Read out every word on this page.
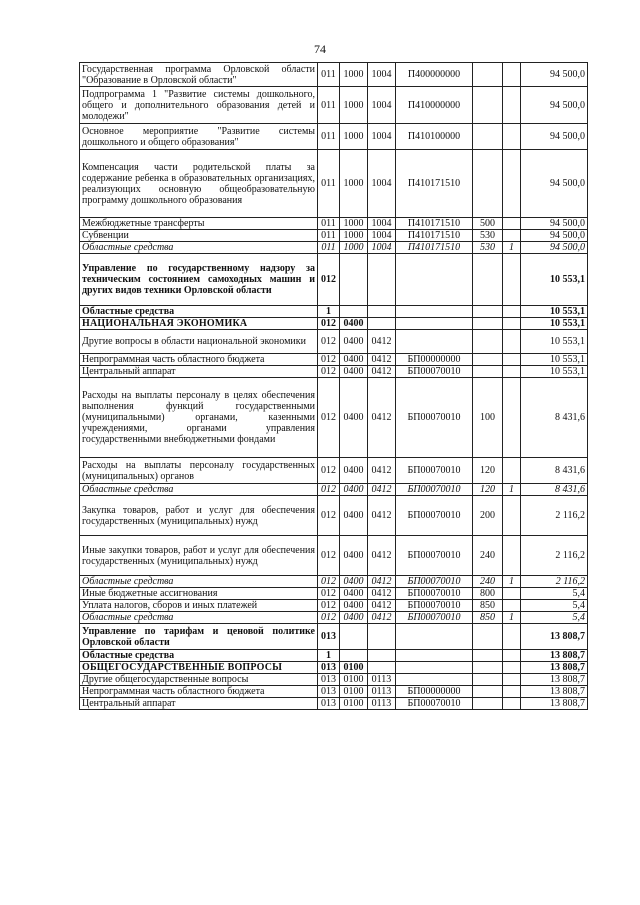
74
Государственная программа Орловской области "Образование в Орловской области"	011	1000	1004	П400000000			94 500,0
Подпрограмма 1 "Развитие системы дошкольного, общего и дополнительного образования детей и молодежи"	011	1000	1004	П410000000			94 500,0
Основное мероприятие "Развитие системы дошкольного и общего образования"	011	1000	1004	П410100000			94 500,0
Компенсация части родительской платы за содержание ребенка в образовательных организациях, реализующих основную общеобразовательную программу дошкольного образования	011	1000	1004	П410171510			94 500,0
Межбюджетные трансферты	011	1000	1004	П410171510	500		94 500,0
Субвенции	011	1000	1004	П410171510	530		94 500,0
Областные средства	011	1000	1004	П410171510	530	1	94 500,0
Управление по государственному надзору за техническим состоянием самоходных машин и других видов техники Орловской области	012						10 553,1
Областные средства	1						10 553,1
НАЦИОНАЛЬНАЯ ЭКОНОМИКА	012	0400					10 553,1
Другие вопросы в области национальной экономики	012	0400	0412				10 553,1
Непрограммная часть областного бюджета	012	0400	0412	БП00000000			10 553,1
Центральный аппарат	012	0400	0412	БП00070010			10 553,1
Расходы на выплаты персоналу в целях обеспечения выполнения функций государственными (муниципальными) органами, казенными учреждениями, органами управления государственными внебюджетными фондами	012	0400	0412	БП00070010	100		8 431,6
Расходы на выплаты персоналу государственных (муниципальных) органов	012	0400	0412	БП00070010	120		8 431,6
Областные средства	012	0400	0412	БП00070010	120	1	8 431,6
Закупка товаров, работ и услуг для обеспечения государственных (муниципальных) нужд	012	0400	0412	БП00070010	200		2 116,2
Иные закупки товаров, работ и услуг для обеспечения государственных (муниципальных) нужд	012	0400	0412	БП00070010	240		2 116,2
Областные средства	012	0400	0412	БП00070010	240	1	2 116,2
Иные бюджетные ассигнования	012	0400	0412	БП00070010	800		5,4
Уплата налогов, сборов и иных платежей	012	0400	0412	БП00070010	850		5,4
Областные средства	012	0400	0412	БП00070010	850	1	5,4
Управление по тарифам и ценовой политике Орловской области	013						13 808,7
Областные средства	1						13 808,7
ОБЩЕГОСУДАРСТВЕННЫЕ ВОПРОСЫ	013	0100					13 808,7
Другие общегосударственные вопросы	013	0100	0113				13 808,7
Непрограммная часть областного бюджета	013	0100	0113	БП00000000			13 808,7
Центральный аппарат	013	0100	0113	БП00070010			13 808,7
